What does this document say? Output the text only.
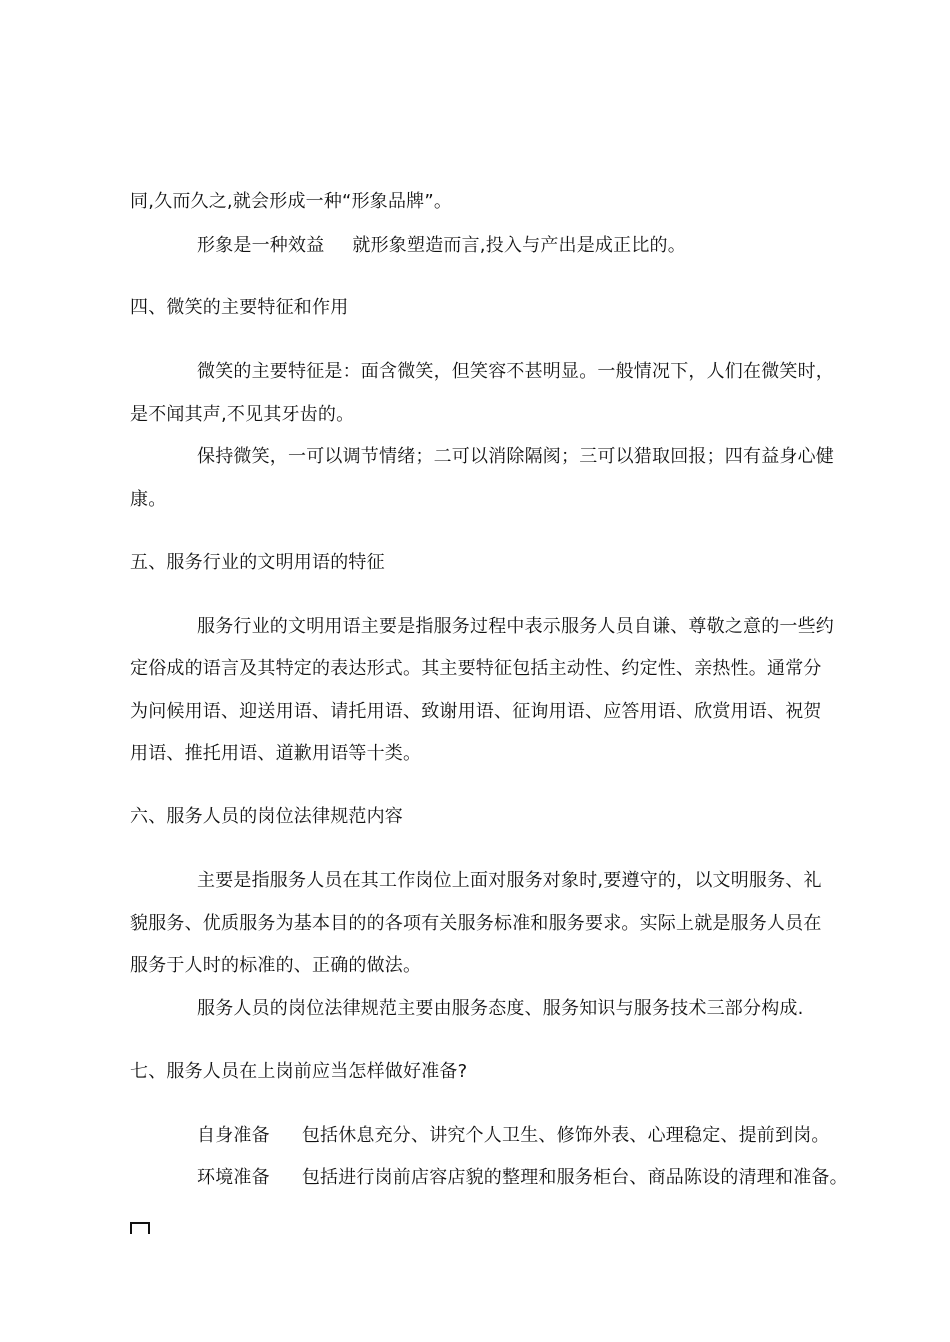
同,久而久之,就会形成一种“形象品牌”。
形象是一种效益 就形象塑造而言,投入与产出是成正比的。
四、微笑的主要特征和作用
微笑的主要特征是：面含微笑，但笑容不甚明显。一般情况下，人们在微笑时，
是不闻其声,不见其牙齿的。
保持微笑，一可以调节情绪；二可以消除隔阂；三可以猎取回报；四有益身心健
康。
五、服务行业的文明用语的特征
服务行业的文明用语主要是指服务过程中表示服务人员自谦、尊敬之意的一些约
定俗成的语言及其特定的表达形式。其主要特征包括主动性、约定性、亲热性。通常分
为问候用语、迎送用语、请托用语、致谢用语、征询用语、应答用语、欣赏用语、祝贺
用语、推托用语、道歉用语等十类。
六、服务人员的岗位法律规范内容
主要是指服务人员在其工作岗位上面对服务对象时,要遵守的，以文明服务、礼
貌服务、优质服务为基本目的的各项有关服务标准和服务要求。实际上就是服务人员在
服务于人时的标准的、正确的做法。
服务人员的岗位法律规范主要由服务态度、服务知识与服务技术三部分构成.
七、服务人员在上岗前应当怎样做好准备?
自身准备 包括休息充分、讲究个人卫生、修饰外表、心理稳定、提前到岗。
环境准备 包括进行岗前店容店貌的整理和服务柜台、商品陈设的清理和准备。
